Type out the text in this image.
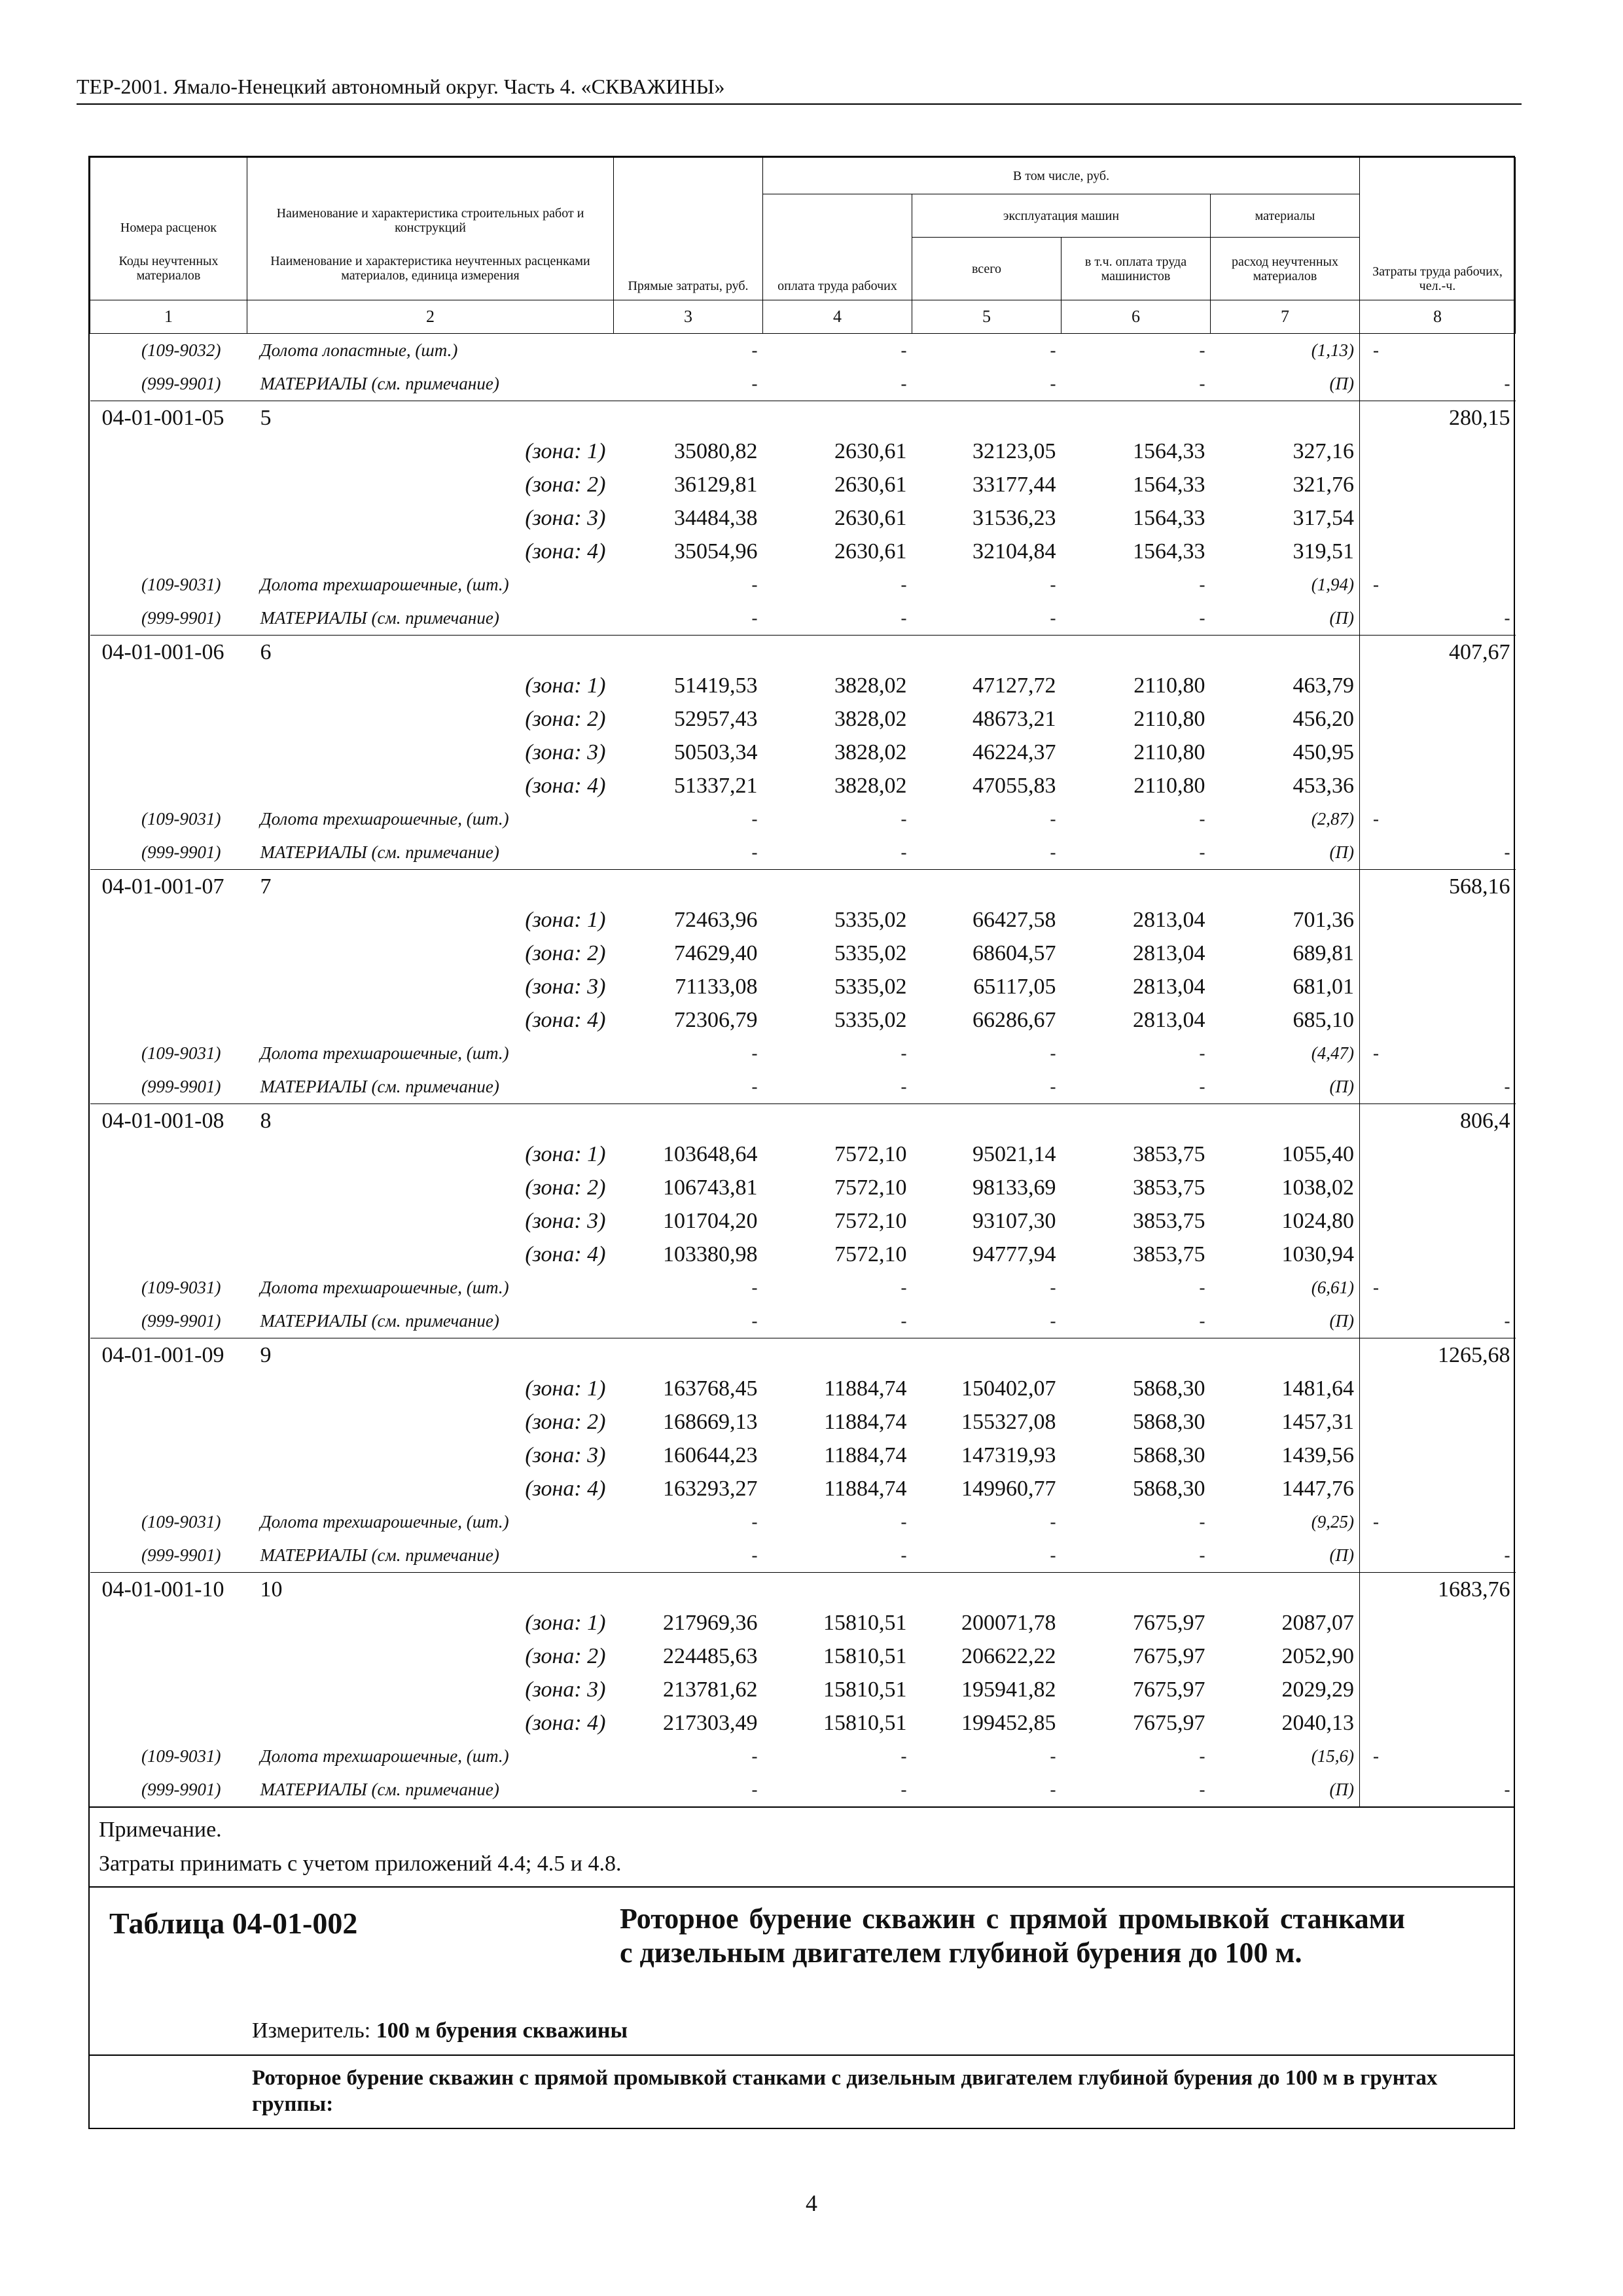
ТЕР-2001. Ямало-Ненецкий автономный округ. Часть 4. «СКВАЖИНЫ»
Номера расценок	Наименование и характеристика строительных работ и конструкций	Прямые затраты, руб.	В том числе, руб.				Затраты труда рабочих, чел.-ч.
			оплата труда рабочих	эксплуатация машин		материалы	
Коды неучтенных материалов	Наименование и характеристика неучтенных расценками материалов, единица измерения			всего	в т.ч. оплата труда машинистов	расход неучтенных материалов	
1	2	3	4	5	6	7	8
(109-9032)	Долота лопастные, (шт.)	-	-	-	-	(1,13)	-
(999-9901)	МАТЕРИАЛЫ (см. примечание)	-	-	-	-	(П)	-
04-01-001-05	5						280,15
(зона: 1)		35080,82	2630,61	32123,05	1564,33	327,16	
(зона: 2)		36129,81	2630,61	33177,44	1564,33	321,76	
(зона: 3)		34484,38	2630,61	31536,23	1564,33	317,54	
(зона: 4)		35054,96	2630,61	32104,84	1564,33	319,51	
(109-9031)	Долота трехшарошечные, (шт.)	-	-	-	-	(1,94)	-
(999-9901)	МАТЕРИАЛЫ (см. примечание)	-	-	-	-	(П)	-
04-01-001-06	6						407,67
(зона: 1)		51419,53	3828,02	47127,72	2110,80	463,79	
(зона: 2)		52957,43	3828,02	48673,21	2110,80	456,20	
(зона: 3)		50503,34	3828,02	46224,37	2110,80	450,95	
(зона: 4)		51337,21	3828,02	47055,83	2110,80	453,36	
(109-9031)	Долота трехшарошечные, (шт.)	-	-	-	-	(2,87)	-
(999-9901)	МАТЕРИАЛЫ (см. примечание)	-	-	-	-	(П)	-
04-01-001-07	7						568,16
(зона: 1)		72463,96	5335,02	66427,58	2813,04	701,36	
(зона: 2)		74629,40	5335,02	68604,57	2813,04	689,81	
(зона: 3)		71133,08	5335,02	65117,05	2813,04	681,01	
(зона: 4)		72306,79	5335,02	66286,67	2813,04	685,10	
(109-9031)	Долота трехшарошечные, (шт.)	-	-	-	-	(4,47)	-
(999-9901)	МАТЕРИАЛЫ (см. примечание)	-	-	-	-	(П)	-
04-01-001-08	8						806,4
(зона: 1)		103648,64	7572,10	95021,14	3853,75	1055,40	
(зона: 2)		106743,81	7572,10	98133,69	3853,75	1038,02	
(зона: 3)		101704,20	7572,10	93107,30	3853,75	1024,80	
(зона: 4)		103380,98	7572,10	94777,94	3853,75	1030,94	
(109-9031)	Долота трехшарошечные, (шт.)	-	-	-	-	(6,61)	-
(999-9901)	МАТЕРИАЛЫ (см. примечание)	-	-	-	-	(П)	-
04-01-001-09	9						1265,68
(зона: 1)		163768,45	11884,74	150402,07	5868,30	1481,64	
(зона: 2)		168669,13	11884,74	155327,08	5868,30	1457,31	
(зона: 3)		160644,23	11884,74	147319,93	5868,30	1439,56	
(зона: 4)		163293,27	11884,74	149960,77	5868,30	1447,76	
(109-9031)	Долота трехшарошечные, (шт.)	-	-	-	-	(9,25)	-
(999-9901)	МАТЕРИАЛЫ (см. примечание)	-	-	-	-	(П)	-
04-01-001-10	10						1683,76
(зона: 1)		217969,36	15810,51	200071,78	7675,97	2087,07	
(зона: 2)		224485,63	15810,51	206622,22	7675,97	2052,90	
(зона: 3)		213781,62	15810,51	195941,82	7675,97	2029,29	
(зона: 4)		217303,49	15810,51	199452,85	7675,97	2040,13	
(109-9031)	Долота трехшарошечные, (шт.)	-	-	-	-	(15,6)	-
(999-9901)	МАТЕРИАЛЫ (см. примечание)	-	-	-	-	(П)	-
Примечание.
Затраты принимать с учетом приложений 4.4; 4.5 и 4.8.
Таблица 04-01-002	Роторное бурение скважин с прямой промывкой станками с дизельным двигателем глубиной бурения до 100 м.
Измеритель: 100 м бурения скважины
Роторное бурение скважин с прямой промывкой станками с дизельным двигателем глубиной бурения до 100 м в грунтах группы:
4
